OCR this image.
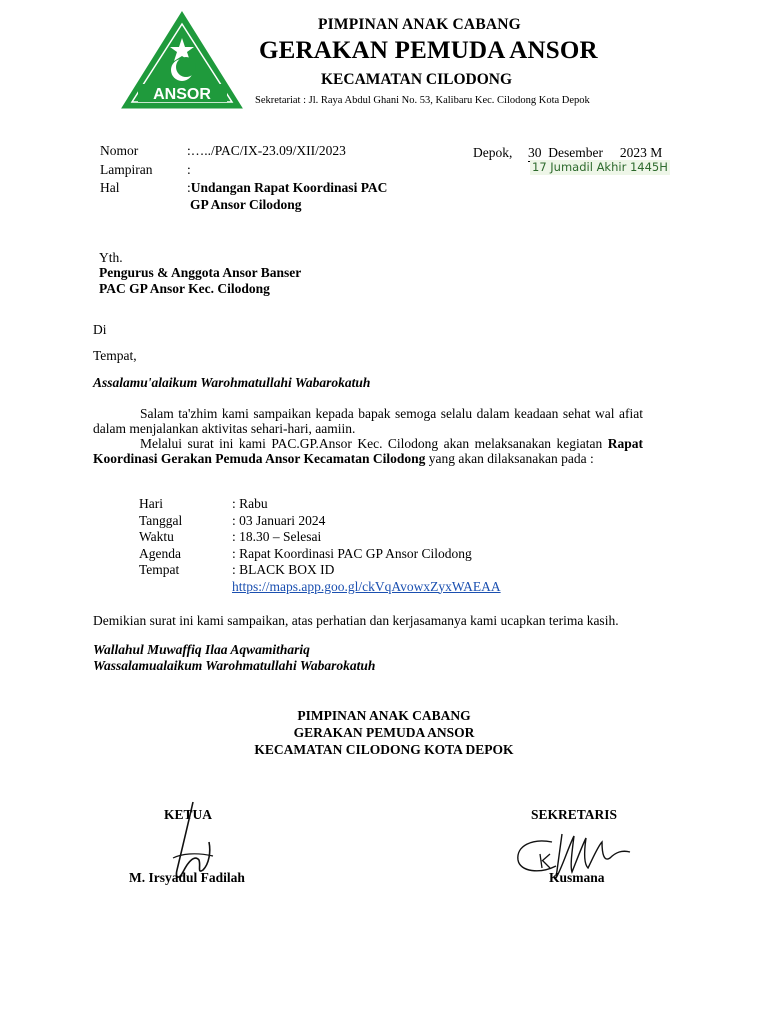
ANSOR
PIMPINAN ANAK CABANG
GERAKAN PEMUDA ANSOR
KECAMATAN CILODONG
Sekretariat : Jl. Raya Abdul Ghani No. 53, Kalibaru Kec. Cilodong Kota Depok
Nomor	:…../PAC/IX-23.09/XII/2023
Lampiran	:
Hal	:Undangan Rapat Koordinasi PAC
GP Ansor Cilodong
Depok, 30 Desember 2023 M
17 Jumadil Akhir 1445H
Yth.
Pengurus & Anggota Ansor Banser
PAC GP Ansor Kec. Cilodong
Di
Tempat,
Assalamu'alaikum Warohmatullahi Wabarokatuh
Salam ta'zhim kami sampaikan kepada bapak semoga selalu dalam keadaan sehat wal afiat dalam menjalankan aktivitas sehari-hari, aamiin.
Melalui surat ini kami PAC.GP.Ansor Kec. Cilodong akan melaksanakan kegiatan Rapat Koordinasi Gerakan Pemuda Ansor Kecamatan Cilodong yang akan dilaksanakan pada :
Hari	: Rabu
Tanggal	: 03 Januari 2024
Waktu	: 18.30 – Selesai
Agenda	: Rapat Koordinasi PAC GP Ansor Cilodong
Tempat	: BLACK BOX ID
https://maps.app.goo.gl/ckVqAvowxZyxWAEAA
Demikian surat ini kami sampaikan, atas perhatian dan kerjasamanya kami ucapkan terima kasih.
Wallahul Muwaffiq Ilaa Aqwamithariq
Wassalamualaikum Warohmatullahi Wabarokatuh
PIMPINAN ANAK CABANG
GERAKAN PEMUDA ANSOR
KECAMATAN CILODONG KOTA DEPOK
KETUA	SEKRETARIS
M. Irsyadul Fadilah	Kusmana
